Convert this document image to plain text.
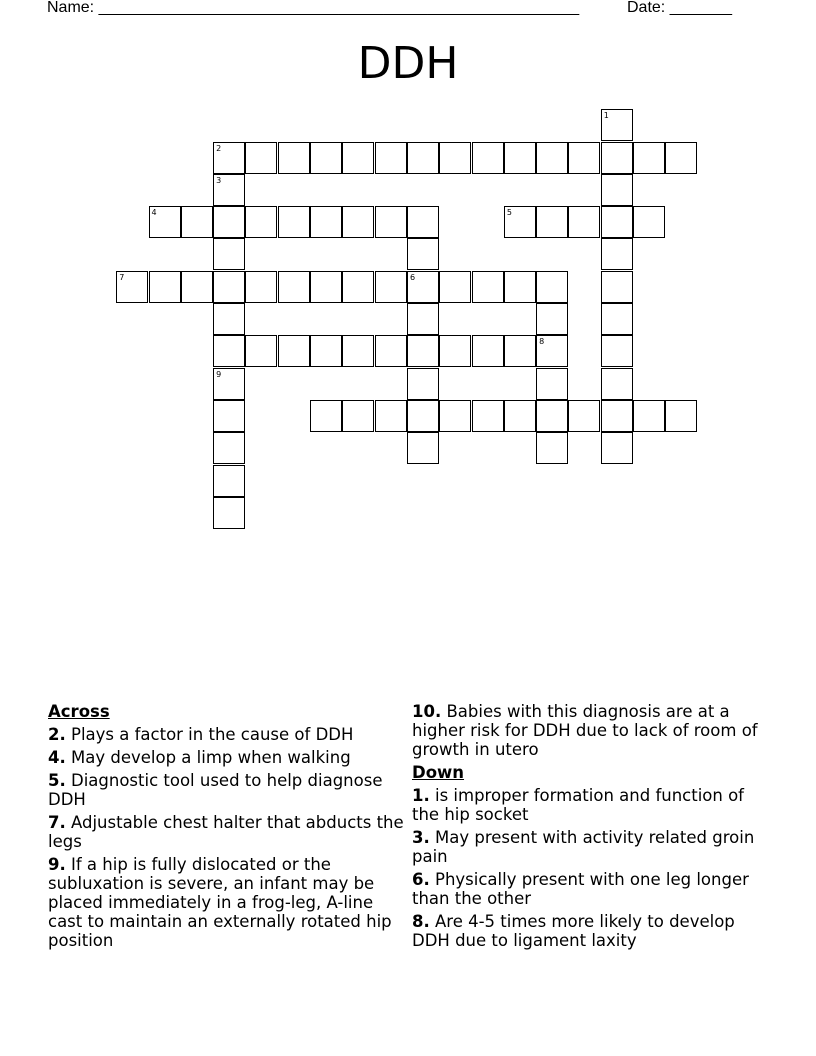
Name: ______________________________________________________	Date: _______
DDH
1
2
3
4	5
7	6
8
9
Across
2. Plays a factor in the cause of DDH
4. May develop a limp when walking
5. Diagnostic tool used to help diagnose DDH
7. Adjustable chest halter that abducts the legs
9. If a hip is fully dislocated or the subluxation is severe, an infant may be placed immediately in a frog-leg, A-line cast to maintain an externally rotated hip position
10. Babies with this diagnosis are at a higher risk for DDH due to lack of room of growth in utero
Down
1. is improper formation and function of the hip socket
3. May present with activity related groin pain
6. Physically present with one leg longer than the other
8. Are 4-5 times more likely to develop DDH due to ligament laxity
